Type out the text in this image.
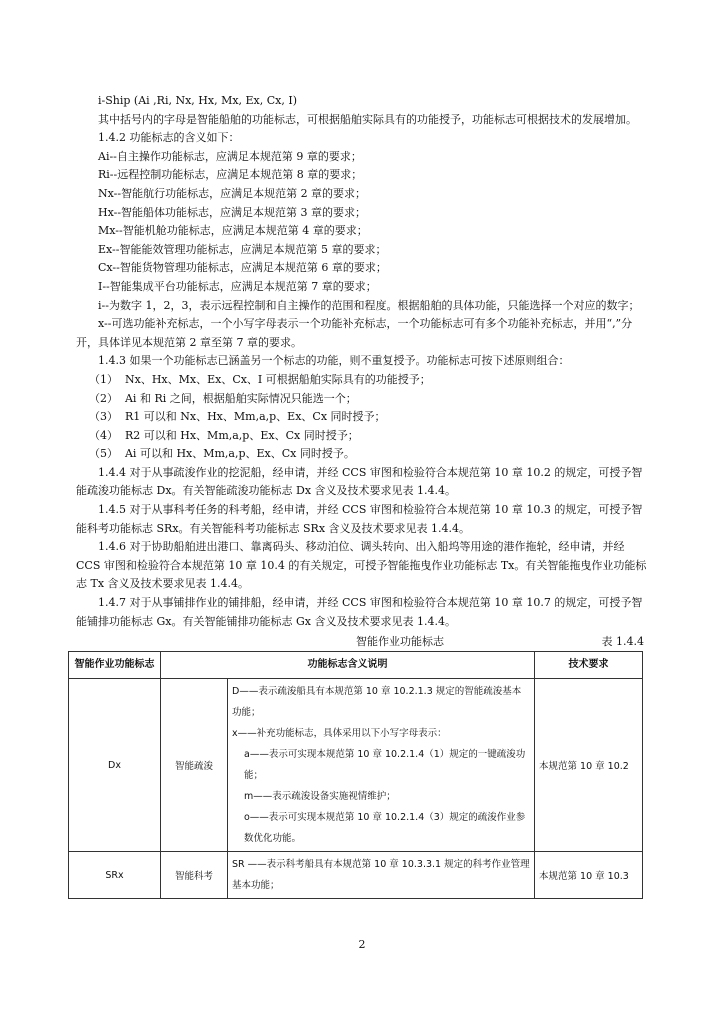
i-Ship (Ai ,Ri, Nx, Hx, Mx, Ex, Cx, I)

其中括号内的字母是智能船舶的功能标志，可根据船舶实际具有的功能授予，功能标志可根据技术的发展增加。

1.4.2 功能标志的含义如下：

Ai--自主操作功能标志，应满足本规范第 9 章的要求；

Ri--远程控制功能标志，应满足本规范第 8 章的要求；

Nx--智能航行功能标志，应满足本规范第 2 章的要求；

Hx--智能船体功能标志，应满足本规范第 3 章的要求；

Mx--智能机舱功能标志，应满足本规范第 4 章的要求；

Ex--智能能效管理功能标志，应满足本规范第 5 章的要求；

Cx--智能货物管理功能标志，应满足本规范第 6 章的要求；

I--智能集成平台功能标志，应满足本规范第 7 章的要求；

i--为数字 1，2，3，表示远程控制和自主操作的范围和程度。根据船舶的具体功能，只能选择一个对应的数字；

x--可选功能补充标志，一个小写字母表示一个功能补充标志，一个功能标志可有多个功能补充标志，并用“,”分开，具体详见本规范第 2 章至第 7 章的要求。

1.4.3 如果一个功能标志已涵盖另一个标志的功能，则不重复授予。功能标志可按下述原则组合：

（1）  Nx、Hx、Mx、Ex、Cx、I 可根据船舶实际具有的功能授予；

（2）  Ai 和 Ri 之间，根据船舶实际情况只能选一个；

（3）  R1 可以和 Nx、Hx、Mm,a,p、Ex、Cx 同时授予；

（4）  R2 可以和 Hx、Mm,a,p、Ex、Cx 同时授予；

（5）  Ai 可以和 Hx、Mm,a,p、Ex、Cx 同时授予。

1.4.4 对于从事疏浚作业的挖泥船，经申请，并经 CCS 审图和检验符合本规范第 10 章 10.2 的规定，可授予智能疏浚功能标志 Dx。有关智能疏浚功能标志 Dx 含义及技术要求见表 1.4.4。

1.4.5 对于从事科考任务的科考船，经申请，并经 CCS 审图和检验符合本规范第 10 章 10.3 的规定，可授予智能科考功能标志 SRx。有关智能科考功能标志 SRx 含义及技术要求见表 1.4.4。

1.4.6 对于协助船舶进出港口、靠离码头、移动泊位、调头转向、出入船坞等用途的港作拖轮，经申请，并经 CCS 审图和检验符合本规范第 10 章 10.4 的有关规定，可授予智能拖曳作业功能标志 Tx。有关智能拖曳作业功能标志 Tx 含义及技术要求见表 1.4.4。

1.4.7 对于从事铺排作业的铺排船，经申请，并经 CCS 审图和检验符合本规范第 10 章 10.7 的规定，可授予智能铺排功能标志 Gx。有关智能铺排功能标志 Gx 含义及技术要求见表 1.4.4。

智能作业功能标志	表 1.4.4
智能作业功能标志	功能标志含义说明		技术要求
Dx	智能疏浚	D——表示疏浚船具有本规范第 10 章 10.2.1.3 规定的智能疏浚基本功能；
x——补充功能标志，具体采用以下小写字母表示：
a——表示可实现本规范第 10 章 10.2.1.4（1）规定的一键疏浚功能；
m——表示疏浚设备实施视情维护；
o——表示可实现本规范第 10 章 10.2.1.4（3）规定的疏浚作业参数优化功能。	本规范第 10 章 10.2
SRx	智能科考	SR ——表示科考船具有本规范第 10 章 10.3.3.1 规定的科考作业管理基本功能；	本规范第 10 章 10.3
2
